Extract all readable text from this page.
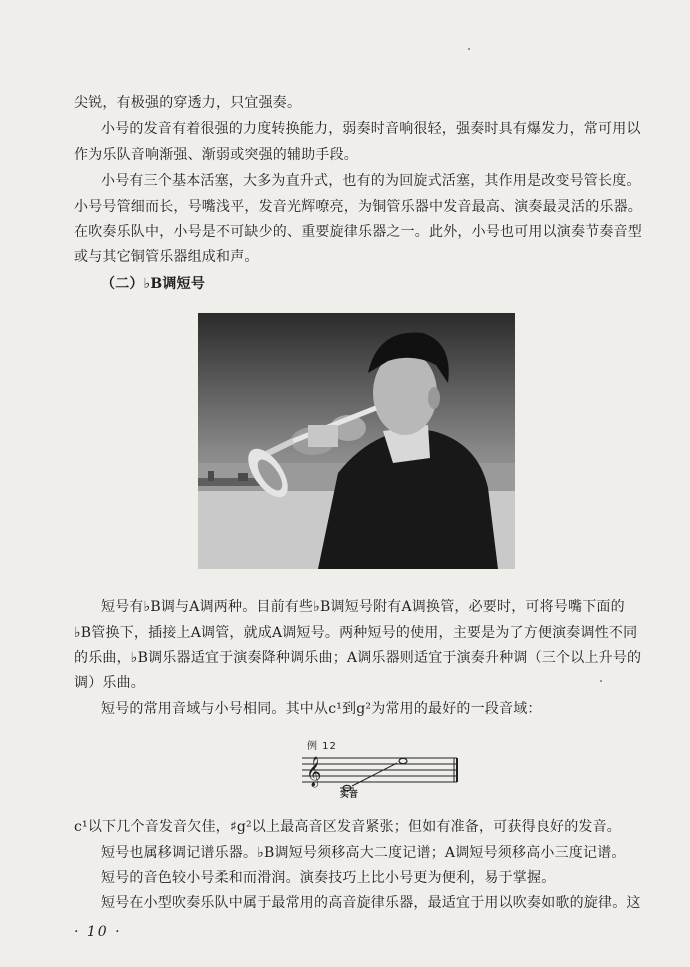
尖锐，有极强的穿透力，只宜强奏。
小号的发音有着很强的力度转换能力，弱奏时音响很轻，强奏时具有爆发力，常可用以
作为乐队音响渐强、渐弱或突强的辅助手段。
小号有三个基本活塞，大多为直升式，也有的为回旋式活塞，其作用是改变号管长度。
小号号管细而长，号嘴浅平，发音光辉嘹亮，为铜管乐器中发音最高、演奏最灵活的乐器。
在吹奏乐队中，小号是不可缺少的、重要旋律乐器之一。此外，小号也可用以演奏节奏音型
或与其它铜管乐器组成和声。
（二）♭B调短号
短号有♭B调与A调两种。目前有些♭B调短号附有A调换管，必要时，可将号嘴下面的
♭B管换下，插接上A调管，就成A调短号。两种短号的使用，主要是为了方便演奏调性不同
的乐曲，♭B调乐器适宜于演奏降种调乐曲；A调乐器则适宜于演奏升种调（三个以上升号的
调）乐曲。
短号的常用音域与小号相同。其中从c¹到g²为常用的最好的一段音域：
例 12
𝄞
实音
c¹以下几个音发音欠佳，♯g²以上最高音区发音紧张；但如有准备，可获得良好的发音。
短号也属移调记谱乐器。♭B调短号须移高大二度记谱；A调短号须移高小三度记谱。
短号的音色较小号柔和而滑润。演奏技巧上比小号更为便利，易于掌握。
短号在小型吹奏乐队中属于最常用的高音旋律乐器，最适宜于用以吹奏如歌的旋律。这
· 10 ·
